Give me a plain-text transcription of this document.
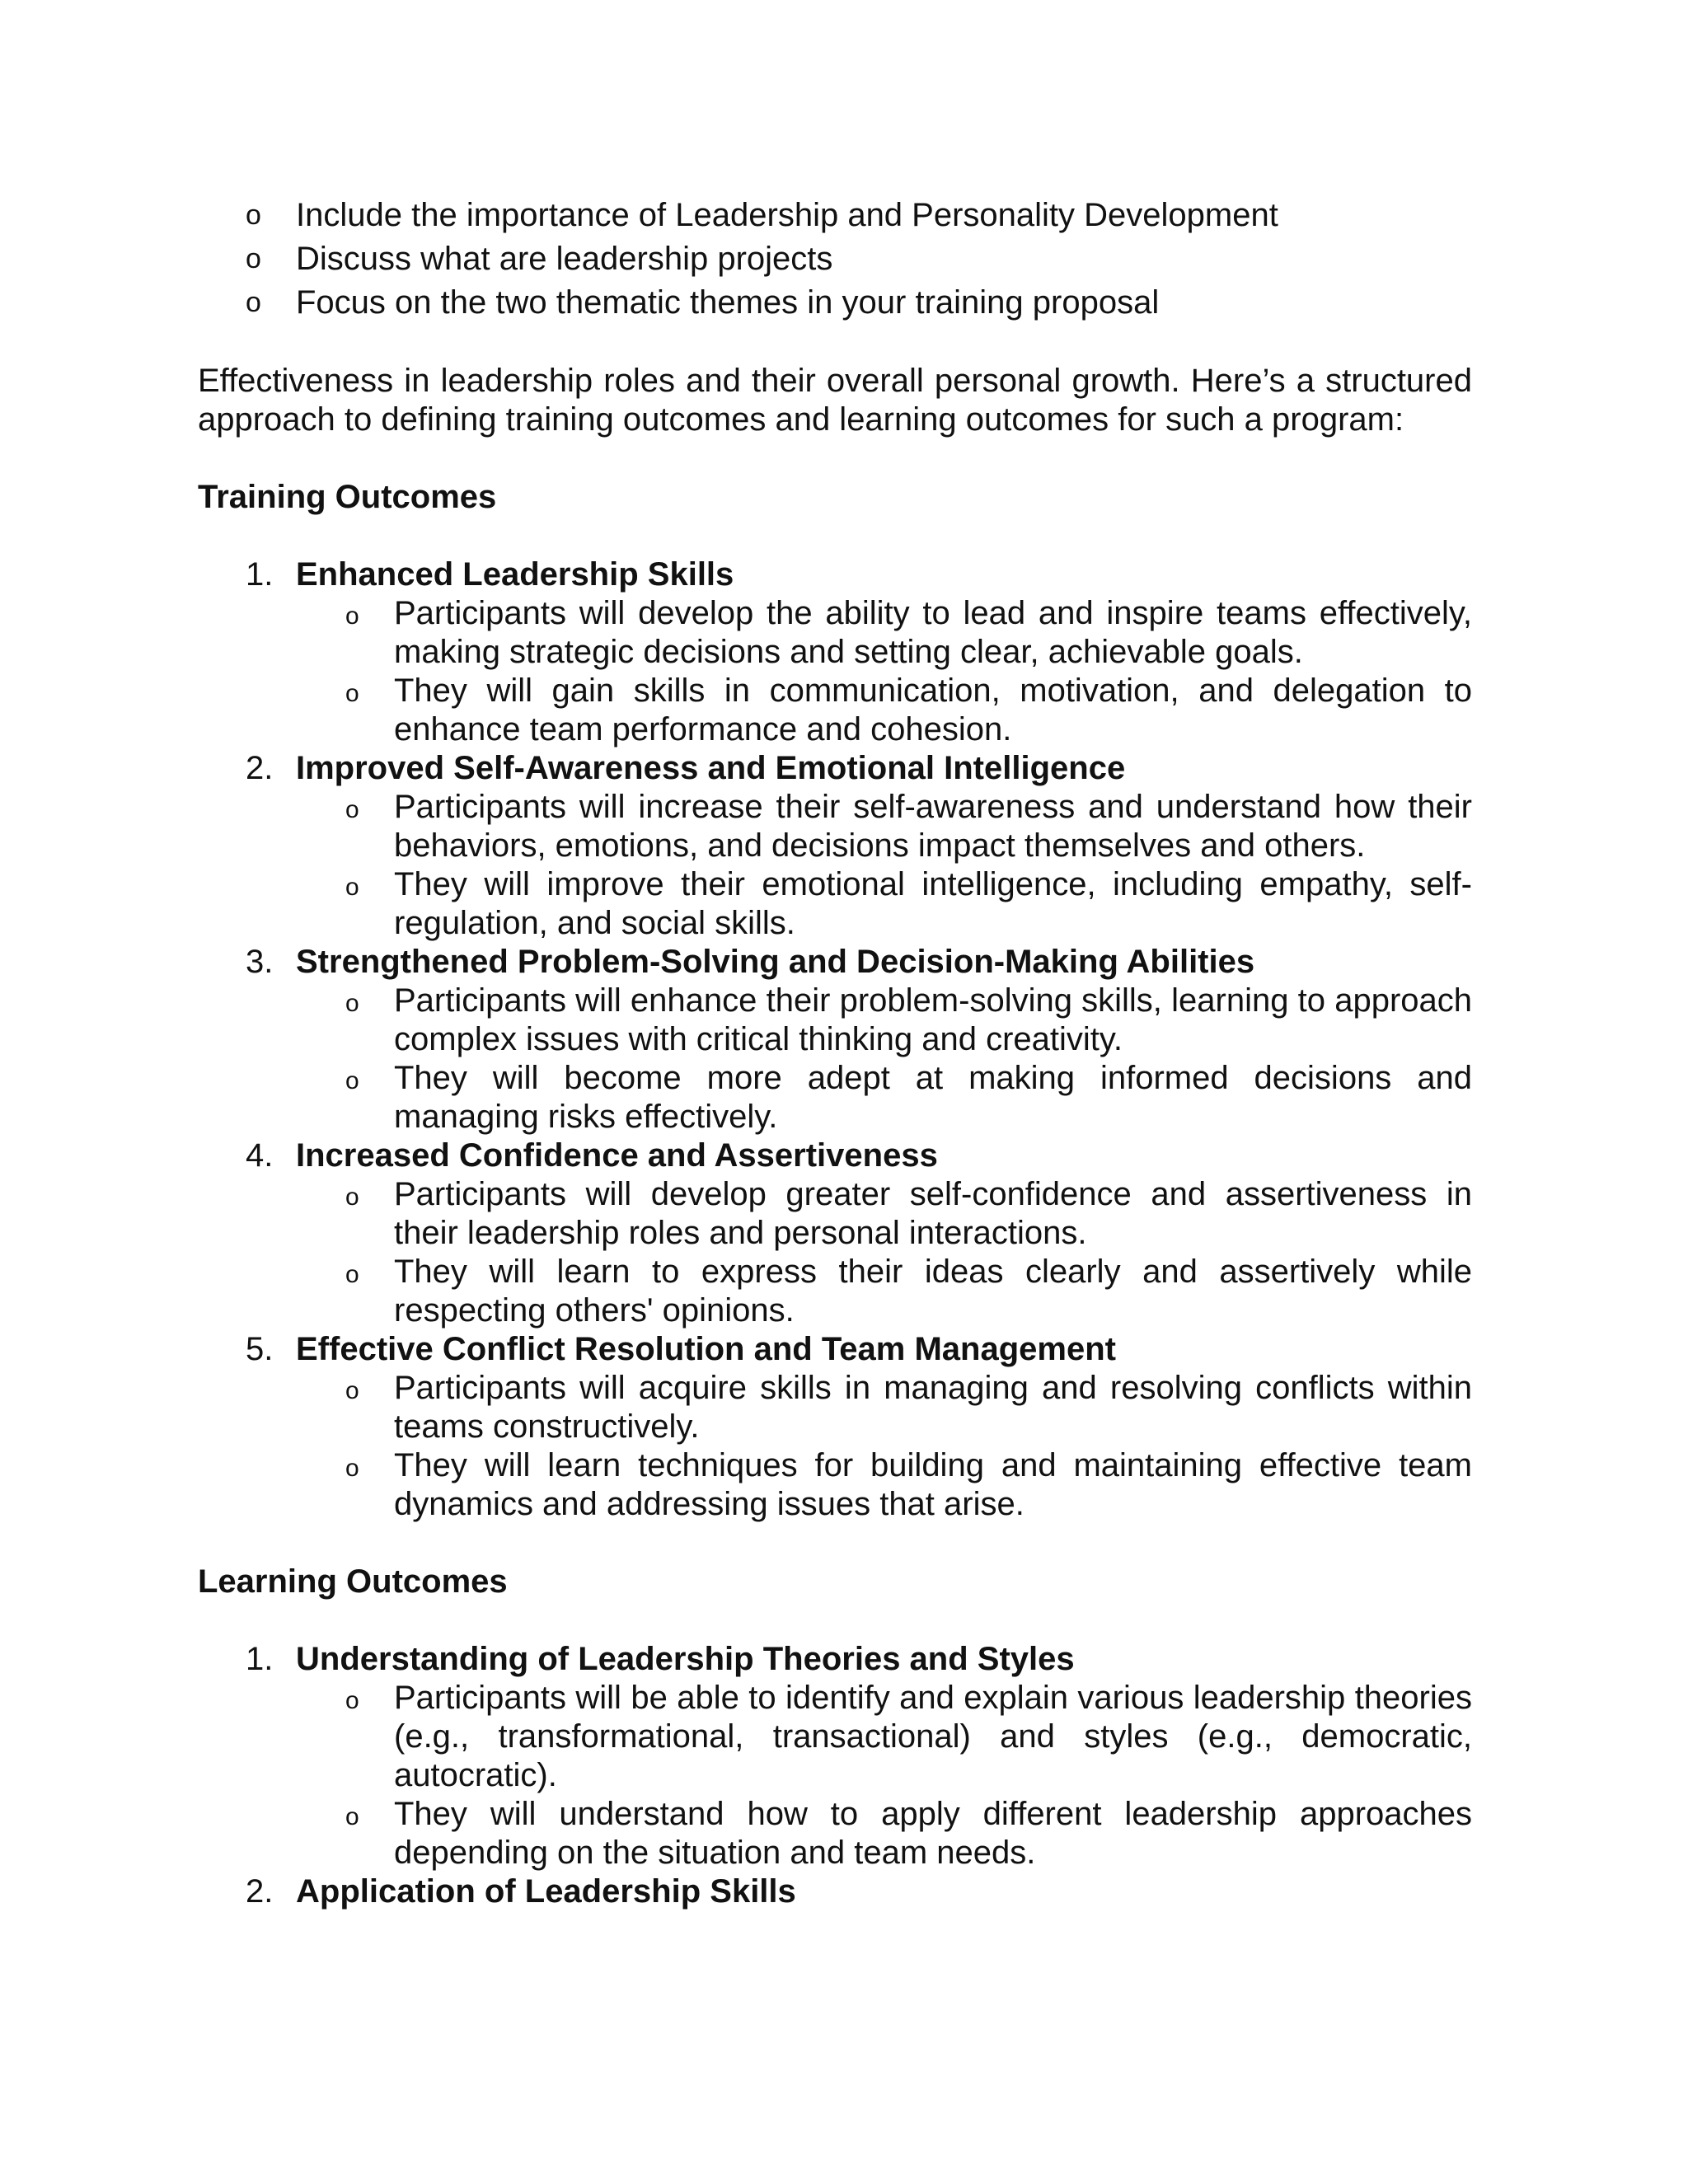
o Include the importance of Leadership and Personality Development
o Discuss what are leadership projects
o Focus on the two thematic themes in your training proposal

Effectiveness in leadership roles and their overall personal growth. Here’s a structured approach to defining training outcomes and learning outcomes for such a program:

Training Outcomes
1. Enhanced Leadership Skills
o Participants will develop the ability to lead and inspire teams effectively, making strategic decisions and setting clear, achievable goals.
o They will gain skills in communication, motivation, and delegation to enhance team performance and cohesion.
2. Improved Self-Awareness and Emotional Intelligence
o Participants will increase their self-awareness and understand how their behaviors, emotions, and decisions impact themselves and others.
o They will improve their emotional intelligence, including empathy, self-regulation, and social skills.
3. Strengthened Problem-Solving and Decision-Making Abilities
o Participants will enhance their problem-solving skills, learning to approach complex issues with critical thinking and creativity.
o They will become more adept at making informed decisions and managing risks effectively.
4. Increased Confidence and Assertiveness
o Participants will develop greater self-confidence and assertiveness in their leadership roles and personal interactions.
o They will learn to express their ideas clearly and assertively while respecting others' opinions.
5. Effective Conflict Resolution and Team Management
o Participants will acquire skills in managing and resolving conflicts within teams constructively.
o They will learn techniques for building and maintaining effective team dynamics and addressing issues that arise.
Learning Outcomes
1. Understanding of Leadership Theories and Styles
o Participants will be able to identify and explain various leadership theories (e.g., transformational, transactional) and styles (e.g., democratic, autocratic).
o They will understand how to apply different leadership approaches depending on the situation and team needs.
2. Application of Leadership Skills
